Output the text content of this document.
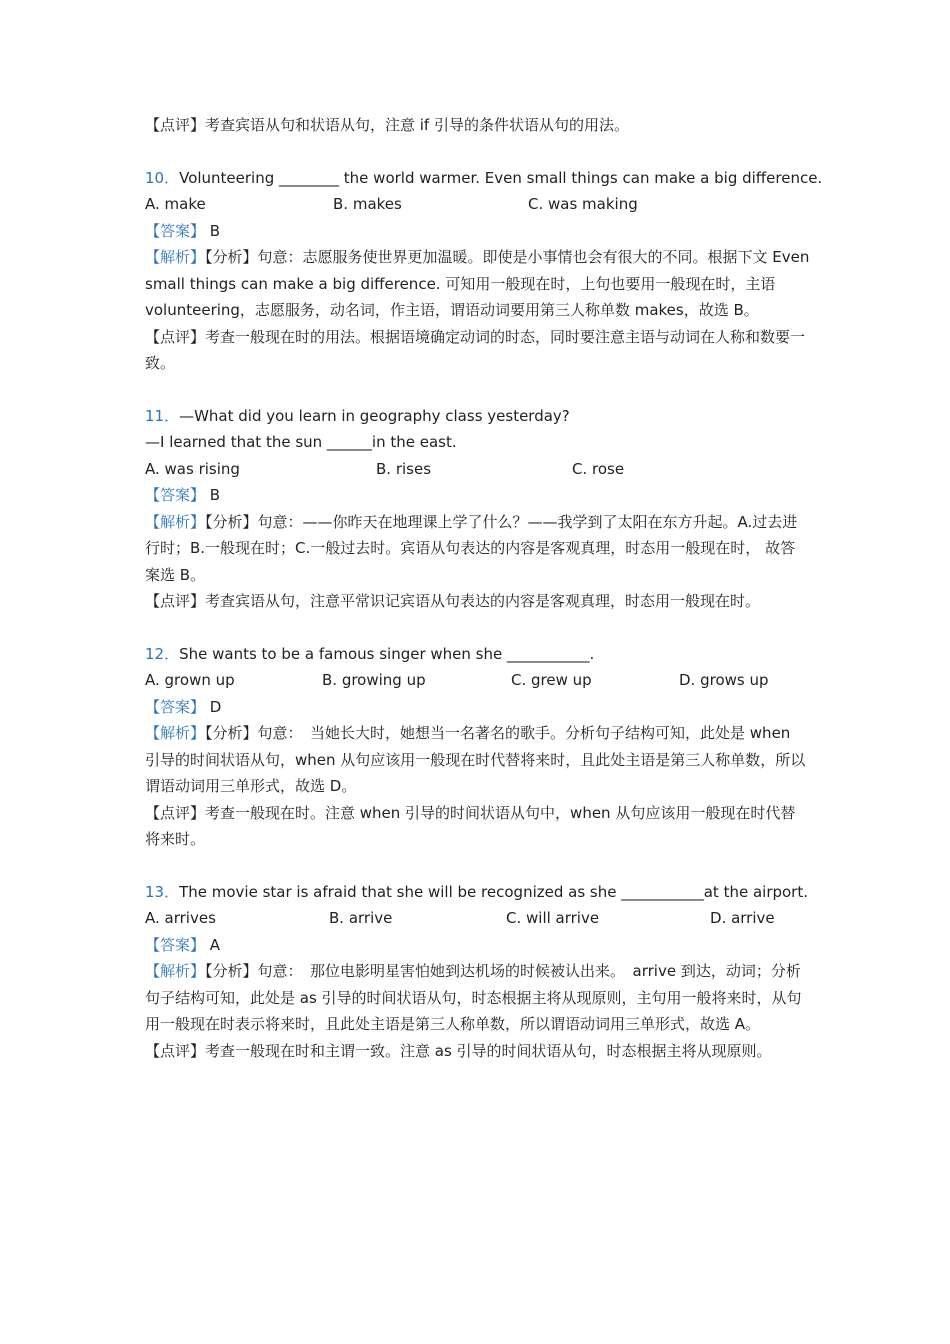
【点评】考查宾语从句和状语从句，注意 if 引导的条件状语从句的用法。
10．Volunteering ________ the world warmer. Even small things can make a big difference.
A. make	B. makes	C. was making
【答案】 B
【解析】【分析】句意：志愿服务使世界更加温暖。即使是小事情也会有很大的不同。根据下文 Even small things can make a big difference. 可知用一般现在时，上句也要用一般现在时，主语 volunteering，志愿服务，动名词，作主语，谓语动词要用第三人称单数 makes，故选 B。
【点评】考查一般现在时的用法。根据语境确定动词的时态，同时要注意主语与动词在人称和数要一致。
11．—What did you learn in geography class yesterday?
—I learned that the sun ______in the east.
A. was rising	B. rises	C. rose
【答案】 B
【解析】【分析】句意：——你昨天在地理课上学了什么？——我学到了太阳在东方升起。A.过去进行时；B.一般现在时；C.一般过去时。宾语从句表达的内容是客观真理，时态用一般现在时， 故答案选 B。
【点评】考查宾语从句，注意平常识记宾语从句表达的内容是客观真理，时态用一般现在时。
12．She wants to be a famous singer when she ___________.
A. grown up	B. growing up	C. grew up	D. grows up
【答案】 D
【解析】【分析】句意：　当她长大时，她想当一名著名的歌手。分析句子结构可知，此处是 when 引导的时间状语从句，when 从句应该用一般现在时代替将来时，且此处主语是第三人称单数，所以谓语动词用三单形式，故选 D。
【点评】考查一般现在时。注意 when 引导的时间状语从句中，when 从句应该用一般现在时代替将来时。
13．The movie star is afraid that she will be recognized as she ___________at the airport.
A. arrives	B. arrive	C. will arrive	D. arrive
【答案】 A
【解析】【分析】句意：　那位电影明星害怕她到达机场的时候被认出来。　arrive 到达，动词；分析句子结构可知，此处是 as 引导的时间状语从句，时态根据主将从现原则，主句用一般将来时，从句用一般现在时表示将来时，且此处主语是第三人称单数，所以谓语动词用三单形式，故选 A。
【点评】考查一般现在时和主谓一致。注意 as 引导的时间状语从句，时态根据主将从现原则。
